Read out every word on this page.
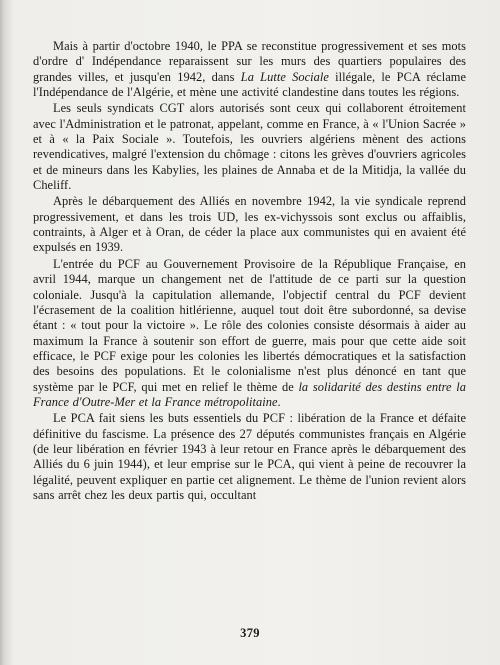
Mais à partir d'octobre 1940, le PPA se reconstitue progressivement et ses mots d'ordre d' Indépendance reparaissent sur les murs des quartiers populaires des grandes villes, et jusqu'en 1942, dans La Lutte Sociale illégale, le PCA réclame l'Indépendance de l'Algérie, et mène une activité clandestine dans toutes les régions.

Les seuls syndicats CGT alors autorisés sont ceux qui collaborent étroitement avec l'Administration et le patronat, appelant, comme en France, à « l'Union Sacrée » et à « la Paix Sociale ». Toutefois, les ouvriers algériens mènent des actions revendicatives, malgré l'extension du chômage : citons les grèves d'ouvriers agricoles et de mineurs dans les Kabylies, les plaines de Annaba et de la Mitidja, la vallée du Cheliff.

Après le débarquement des Alliés en novembre 1942, la vie syndicale reprend progressivement, et dans les trois UD, les ex-vichyssois sont exclus ou affaiblis, contraints, à Alger et à Oran, de céder la place aux communistes qui en avaient été expulsés en 1939.

L'entrée du PCF au Gouvernement Provisoire de la République Française, en avril 1944, marque un changement net de l'attitude de ce parti sur la question coloniale. Jusqu'à la capitulation allemande, l'objectif central du PCF devient l'écrasement de la coalition hitlérienne, auquel tout doit être subordonné, sa devise étant : « tout pour la victoire ». Le rôle des colonies consiste désormais à aider au maximum la France à soutenir son effort de guerre, mais pour que cette aide soit efficace, le PCF exige pour les colonies les libertés démocratiques et la satisfaction des besoins des populations. Et le colonialisme n'est plus dénoncé en tant que système par le PCF, qui met en relief le thème de la solidarité des destins entre la France d'Outre-Mer et la France métropolitaine.

Le PCA fait siens les buts essentiels du PCF : libération de la France et défaite définitive du fascisme. La présence des 27 députés communistes français en Algérie (de leur libération en février 1943 à leur retour en France après le débarquement des Alliés du 6 juin 1944), et leur emprise sur le PCA, qui vient à peine de recouvrer la légalité, peuvent expliquer en partie cet alignement. Le thème de l'union revient alors sans arrêt chez les deux partis qui, occultant

379
